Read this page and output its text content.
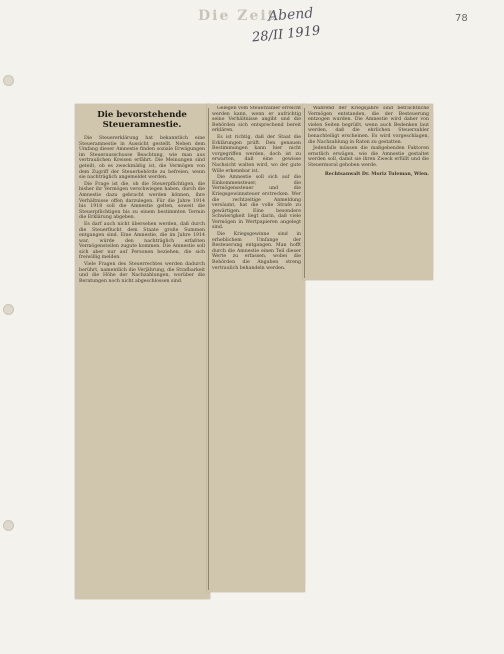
Die Zeit
Abend
28/II 1919
78
Die bevorstehende Steueramnestie.

Die Steuererklärung hat bekanntlich eine Steueramnestie in Aussicht gestellt. Neben dem Umfang dieser Amnestie finden soziale Erwägungen im Steuerausschusse Beachtung, wie man aus vertraulichen Kreisen erfährt. Die Meinungen sind geteilt, ob es zweckmäßig ist, die Vermögen von dem Zugriff der Steuerbehörde zu befreien, wenn sie nachträglich angemeldet werden.

Die Frage ist die, ob die Steuerpflichtigen, die bisher ihr Vermögen verschwiegen haben, durch die Amnestie dazu gebracht werden können, ihre Verhältnisse offen darzulegen. Für die Jahre 1914 bis 1918 soll die Amnestie gelten, soweit die Steuerpflichtigen bis zu einem bestimmten Termin die Erklärung abgeben.

Es darf auch nicht übersehen werden, daß durch die Steuerflucht dem Staate große Summen entgangen sind. Eine Amnestie, die im Jahre 1914 war, würde den nachträglich erfaßten Vermögensteilen zugute kommen. Die Amnestie soll sich aber nur auf Personen beziehen, die sich freiwillig melden.

Viele Fragen des Steuerrechtes werden dadurch berührt, namentlich die Verjährung, die Strafbarkeit und die Höhe der Nachzahlungen, worüber die Beratungen noch nicht abgeschlossen sind.

Gelegen vom Steuerzahler erreicht werden kann, wenn er aufrichtig seine Verhältnisse angibt und die Behörden sich entsprechend bereit erklären.

Es ist richtig, daß der Staat die Erklärungen prüft. Den genauen Bestimmungen kann hier nicht vorgegriffen werden, doch ist zu erwarten, daß eine gewisse Nachsicht walten wird, wo der gute Wille erkennbar ist.

Die Amnestie soll sich auf die Einkommensteuer, die Vermögenssteuer und die Kriegsgewinnsteuer erstrecken. Wer die rechtzeitige Anmeldung versäumt, hat die volle Strafe zu gewärtigen. Eine besondere Schwierigkeit liegt darin, daß viele Vermögen in Wertpapieren angelegt sind.

Die Kriegsgewinne sind in erheblichem Umfange der Besteuerung entgangen. Man hofft durch die Amnestie einen Teil dieser Werte zu erfassen, wobei die Behörden die Angaben streng vertraulich behandeln werden.

Während der Kriegsjahre sind beträchtliche Vermögen entstanden, die der Besteuerung entzogen wurden. Die Amnestie wird daher von vielen Seiten begrüßt, wenn auch Bedenken laut werden, daß die ehrlichen Steuerzahler benachteiligt erscheinen. Es wird vorgeschlagen, die Nachzahlung in Raten zu gestatten.

Jedenfalls müssen die maßgebenden Faktoren ernstlich erwägen, wie die Amnestie gestaltet werden soll, damit sie ihren Zweck erfüllt und die Steuermoral gehoben werde.

Rechtsanwalt Dr. Moriz Tuleman, Wien.
